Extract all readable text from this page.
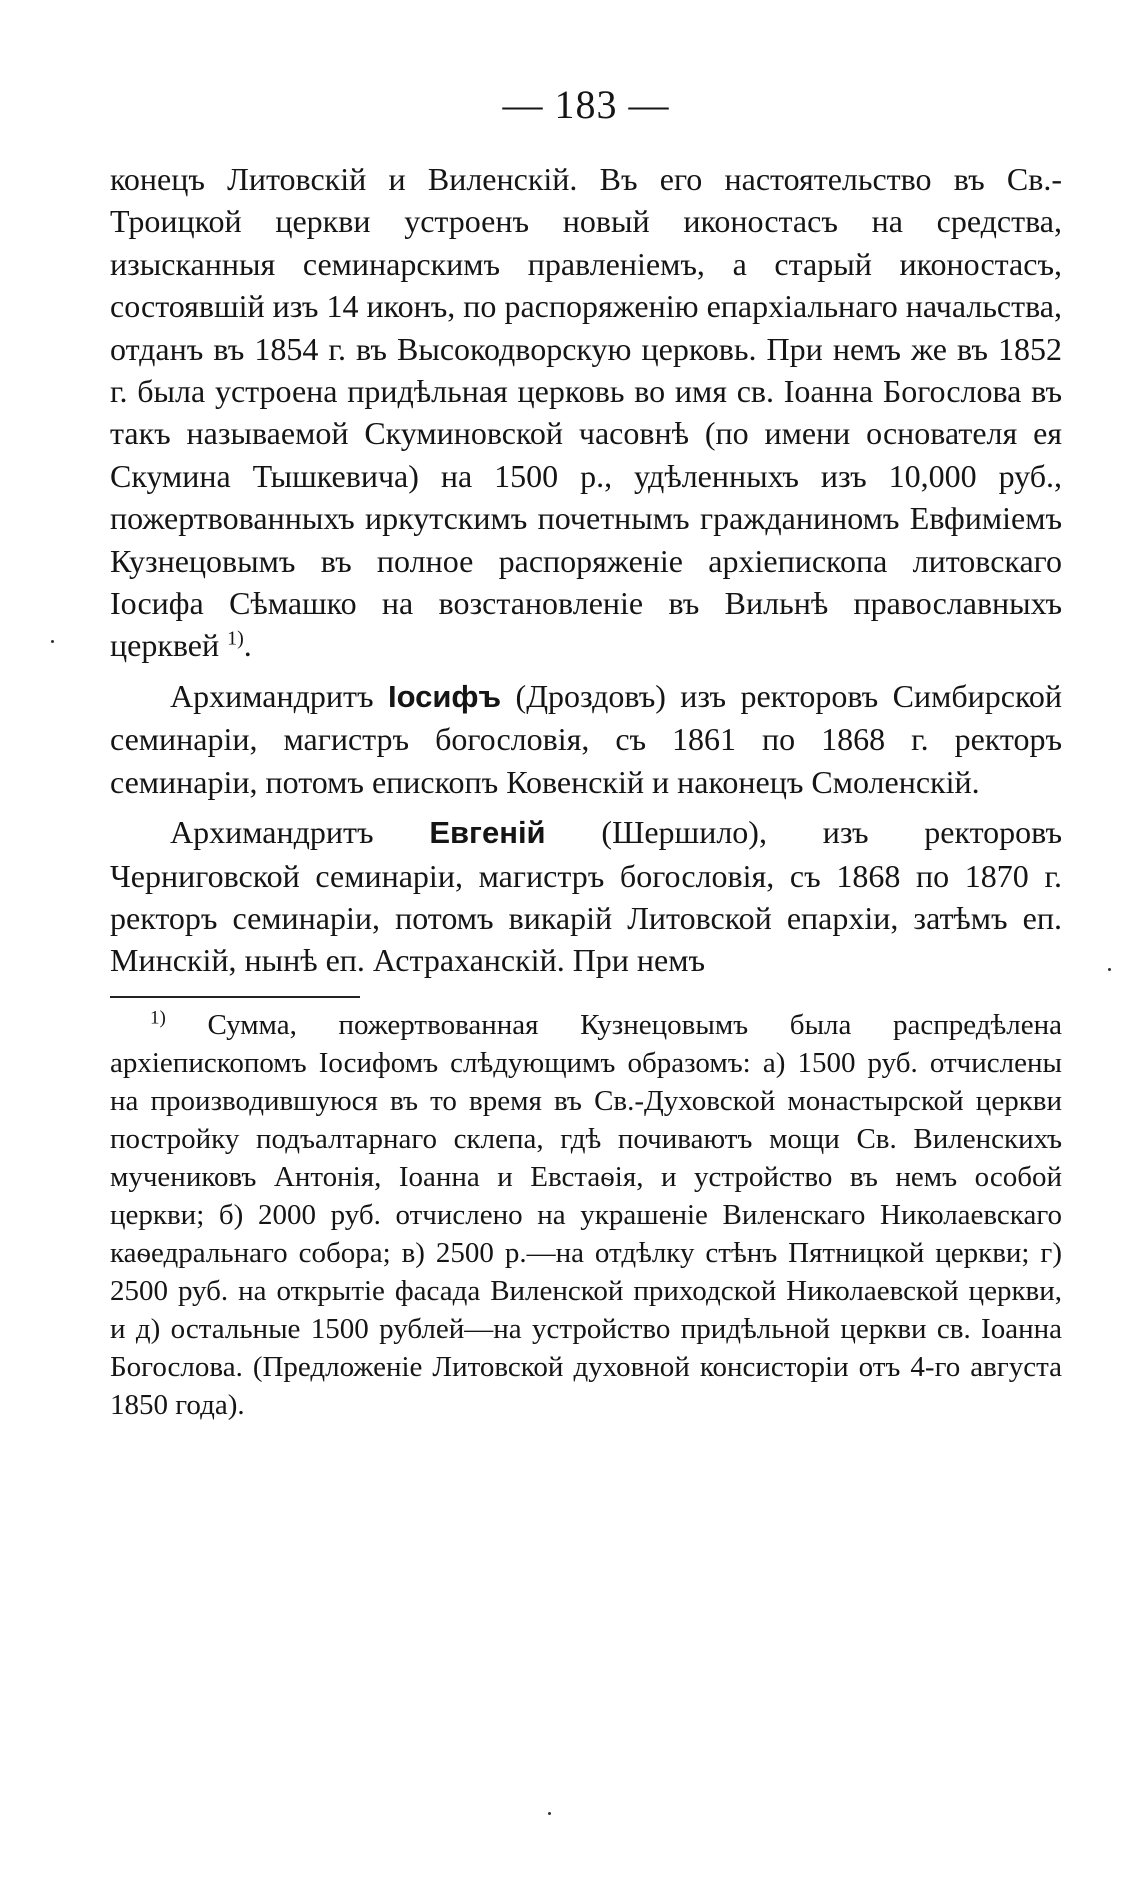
— 183 —

конецъ Литовскій и Виленскій. Въ его настоятельство въ Св.-Троицкой церкви устроенъ новый иконостасъ на средства, изысканныя семинарскимъ правленіемъ, а старый иконостасъ, состоявшій изъ 14 иконъ, по распоряженію епархіальнаго начальства, отданъ въ 1854 г. въ Высокодворскую церковь. При немъ же въ 1852 г. была устроена придѣльная церковь во имя св. Іоанна Богослова въ такъ называемой Скуминовской часовнѣ (по имени основателя ея Скумина Тышкевича) на 1500 р., удѣленныхъ изъ 10,000 руб., пожертвованныхъ иркутскимъ почетнымъ гражданиномъ Евфиміемъ Кузнецовымъ въ полное распоряженіе архіепископа литовскаго Іосифа Сѣмашко на возстановленіе въ Вильнѣ православныхъ церквей $^{1)}$.

Архимандритъ Іосифъ (Дроздовъ) изъ ректоровъ Симбирской семинаріи, магистръ богословія, съ 1861 по 1868 г. ректоръ семинаріи, потомъ епископъ Ковенскій и наконецъ Смоленскій.

Архимандритъ Евгеній (Шершило), изъ ректоровъ Черниговской семинаріи, магистръ богословія, съ 1868 по 1870 г. ректоръ семинаріи, потомъ викарій Литовской епархіи, затѣмъ еп. Минскій, нынѣ еп. Астраханскій. При немъ

$^{1)}$ Сумма, пожертвованная Кузнецовымъ была распредѣлена архіепископомъ Іосифомъ слѣдующимъ образомъ: а) 1500 руб. отчислены на производившуюся въ то время въ Св.-Духовской монастырской церкви постройку подъалтарнаго склепа, гдѣ почиваютъ мощи Св. Виленскихъ мучениковъ Антонія, Іоанна и Евстаѳія, и устройство въ немъ особой церкви; б) 2000 руб. отчислено на украшеніе Виленскаго Николаевскаго каѳедральнаго собора; в) 2500 р.—на отдѣлку стѣнъ Пятницкой церкви; г) 2500 руб. на открытіе фасада Виленской приходской Николаевской церкви, и д) остальные 1500 рублей—на устройство придѣльной церкви св. Іоанна Богослова. (Предложеніе Литовской духовной консисторіи отъ 4-го августа 1850 года).
